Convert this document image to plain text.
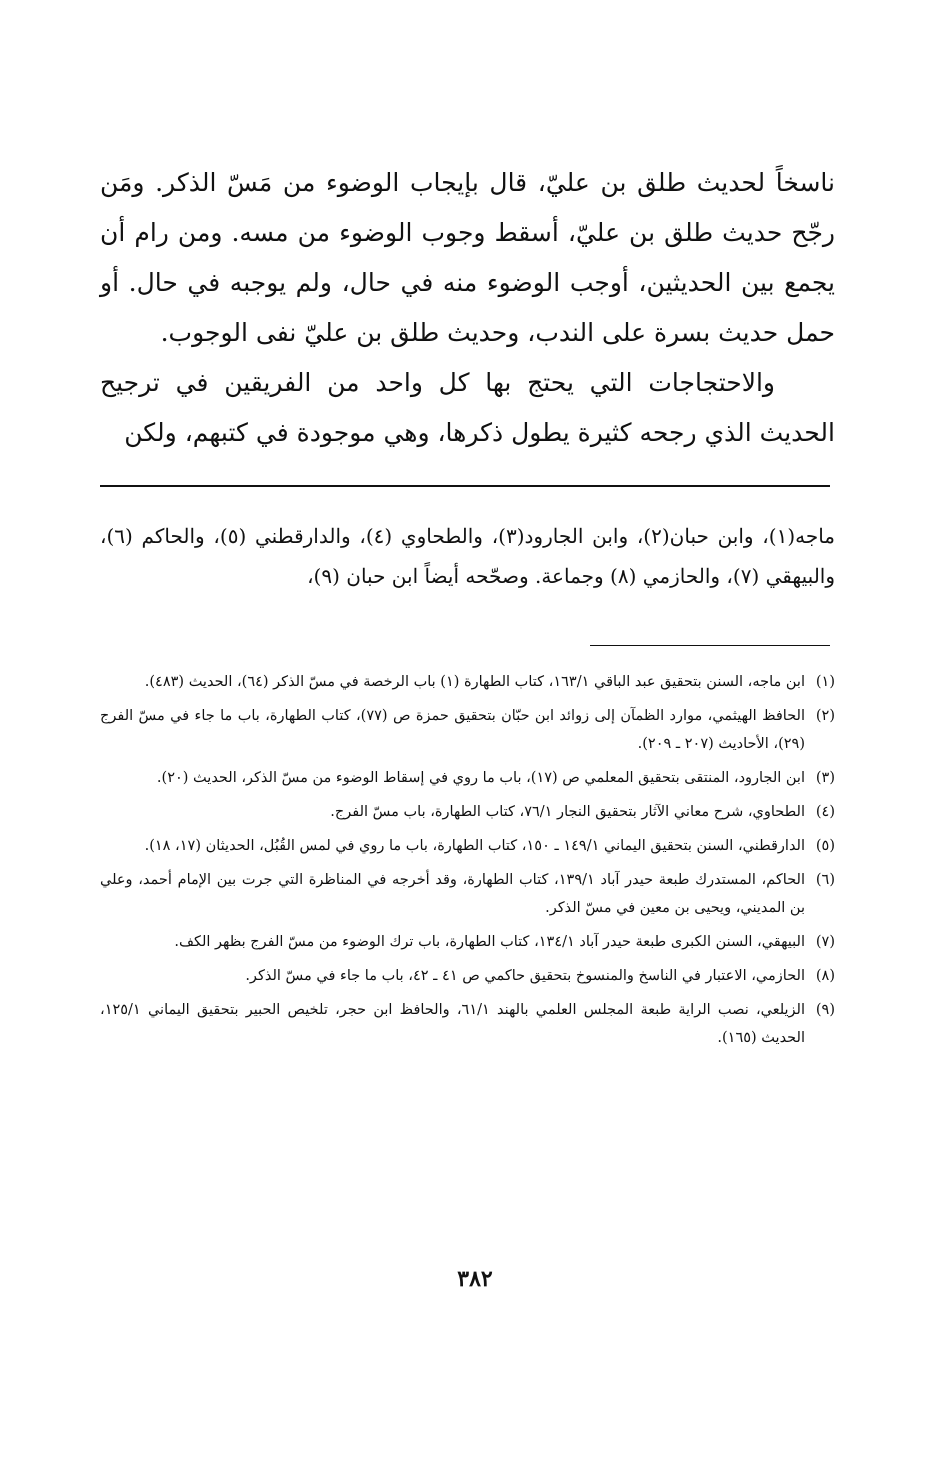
ناسخاً لحديث طلق بن عليّ، قال بإيجاب الوضوء من مَسّ الذكر. ومَن رجّح حديث طلق بن عليّ، أسقط وجوب الوضوء من مسه. ومن رام أن يجمع بين الحديثين، أوجب الوضوء منه في حال، ولم يوجبه في حال. أو حمل حديث بسرة على الندب، وحديث طلق بن عليّ نفى الوجوب.

والاحتجاجات التي يحتج بها كل واحد من الفريقين في ترجيح الحديث الذي رجحه كثيرة يطول ذكرها، وهي موجودة في كتبهم، ولكن

ماجه(١)، وابن حبان(٢)، وابن الجارود(٣)، والطحاوي (٤)، والدارقطني (٥)، والحاكم (٦)، والبيهقي (٧)، والحازمي (٨) وجماعة. وصحّحه أيضاً ابن حبان (٩)،

(١)
ابن ماجه، السنن بتحقيق عبد الباقي ١٦٣/١، كتاب الطهارة (١) باب الرخصة في مسّ الذكر (٦٤)، الحديث (٤٨٣).
(٢)
الحافظ الهيثمي، موارد الظمآن إلى زوائد ابن حبّان بتحقيق حمزة ص (٧٧)، كتاب الطهارة، باب ما جاء في مسّ الفرج (٢٩)، الأحاديث (٢٠٧ ـ ٢٠٩).
(٣)
ابن الجارود، المنتقى بتحقيق المعلمي ص (١٧)، باب ما روي في إسقاط الوضوء من مسّ الذكر، الحديث (٢٠).
(٤)
الطحاوي، شرح معاني الآثار بتحقيق النجار ٧٦/١، كتاب الطهارة، باب مسّ الفرج.
(٥)
الدارقطني، السنن بتحقيق اليماني ١٤٩/١ ـ ١٥٠، كتاب الطهارة، باب ما روي في لمس القُبُل، الحديثان (١٧، ١٨).
(٦)
الحاكم، المستدرك طبعة حيدر آباد ١٣٩/١، كتاب الطهارة، وقد أخرجه في المناظرة التي جرت بين الإمام أحمد، وعلي بن المديني، ويحيى بن معين في مسّ الذكر.
(٧)
البيهقي، السنن الكبرى طبعة حيدر آباد ١٣٤/١، كتاب الطهارة، باب ترك الوضوء من مسّ الفرج بظهر الكف.
(٨)
الحازمي، الاعتبار في الناسخ والمنسوخ بتحقيق حاكمي ص ٤١ ـ ٤٢، باب ما جاء في مسّ الذكر.
(٩)
الزيلعي، نصب الراية طبعة المجلس العلمي بالهند ٦١/١، والحافظ ابن حجر، تلخيص الحبير بتحقيق اليماني ١٢٥/١، الحديث (١٦٥).
٣٨٢
